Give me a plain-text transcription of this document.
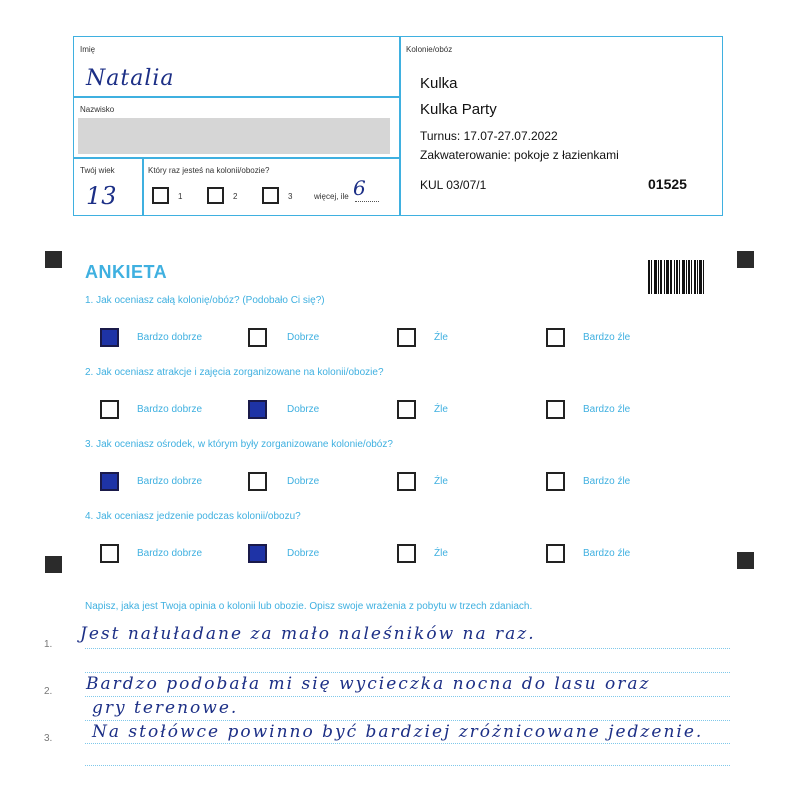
Imię
Natalia
Nazwisko
Twój wiek
13
Który raz jesteś na kolonii/obozie?
1	2	3	więcej, ile 6
Kolonie/obóz
Kulka
Kulka Party
Turnus: 17.07-27.07.2022
Zakwaterowanie: pokoje z łazienkami
KUL 03/07/1	01525
ANKIETA
1. Jak oceniasz całą kolonię/obóz? (Podobało Ci się?)
Bardzo dobrze	Dobrze	Źle	Bardzo źle
2. Jak oceniasz atrakcje i zajęcia zorganizowane na kolonii/obozie?
Bardzo dobrze	Dobrze	Źle	Bardzo źle
3. Jak oceniasz ośrodek, w którym były zorganizowane kolonie/obóz?
Bardzo dobrze	Dobrze	Źle	Bardzo źle
4. Jak oceniasz jedzenie podczas kolonii/obozu?
Bardzo dobrze	Dobrze	Źle	Bardzo źle
Napisz, jaka jest Twoja opinia o kolonii lub obozie. Opisz swoje wrażenia z pobytu w trzech zdaniach.
1.
2.
3.
Jest nałuładane za mało naleśników na raz.
Bardzo podobała mi się wycieczka nocna do lasu oraz
gry terenowe.
Na stołówce powinno być bardziej zróżnicowane jedzenie.
